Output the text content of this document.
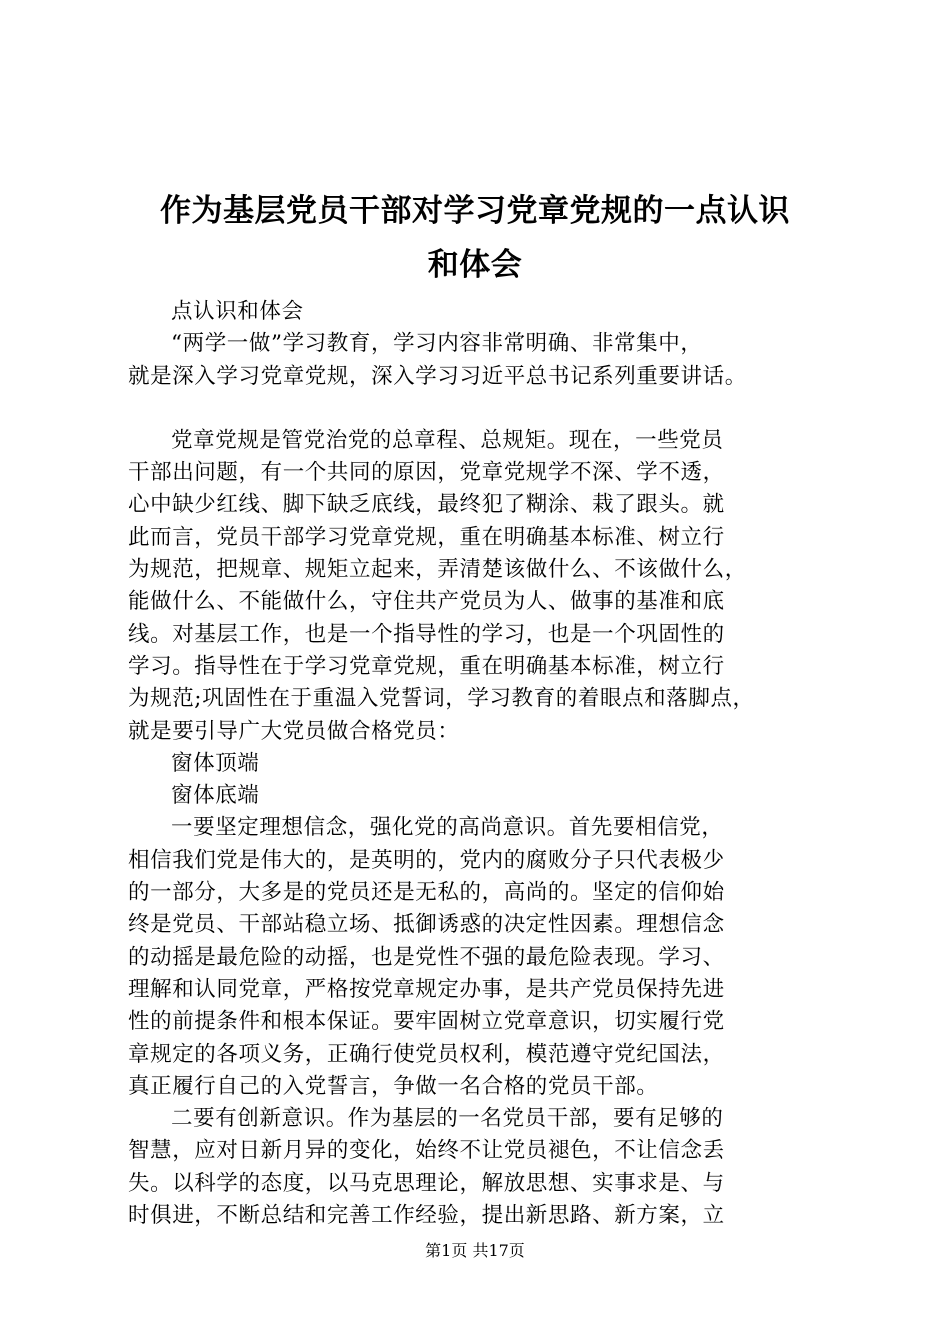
作为基层党员干部对学习党章党规的一点认识
和体会

点认识和体会

“两学一做”学习教育，学习内容非常明确、非常集中，
就是深入学习党章党规，深入学习习近平总书记系列重要讲话。

党章党规是管党治党的总章程、总规矩。现在，一些党员
干部出问题，有一个共同的原因，党章党规学不深、学不透，
心中缺少红线、脚下缺乏底线，最终犯了糊涂、栽了跟头。就
此而言，党员干部学习党章党规，重在明确基本标准、树立行
为规范，把规章、规矩立起来，弄清楚该做什么、不该做什么，
能做什么、不能做什么，守住共产党员为人、做事的基准和底
线。对基层工作，也是一个指导性的学习，也是一个巩固性的
学习。指导性在于学习党章党规，重在明确基本标准，树立行
为规范;巩固性在于重温入党誓词，学习教育的着眼点和落脚点，
就是要引导广大党员做合格党员：

窗体顶端

窗体底端

一要坚定理想信念，强化党的高尚意识。首先要相信党，
相信我们党是伟大的，是英明的，党内的腐败分子只代表极少
的一部分，大多是的党员还是无私的，高尚的。坚定的信仰始
终是党员、干部站稳立场、抵御诱惑的决定性因素。理想信念
的动摇是最危险的动摇，也是党性不强的最危险表现。学习、
理解和认同党章，严格按党章规定办事，是共产党员保持先进
性的前提条件和根本保证。要牢固树立党章意识，切实履行党
章规定的各项义务，正确行使党员权利，模范遵守党纪国法，
真正履行自己的入党誓言，争做一名合格的党员干部。

二要有创新意识。作为基层的一名党员干部，要有足够的
智慧，应对日新月异的变化，始终不让党员褪色，不让信念丢
失。以科学的态度，以马克思理论，解放思想、实事求是、与
时俱进，不断总结和完善工作经验，提出新思路、新方案，立

第1页 共17页
